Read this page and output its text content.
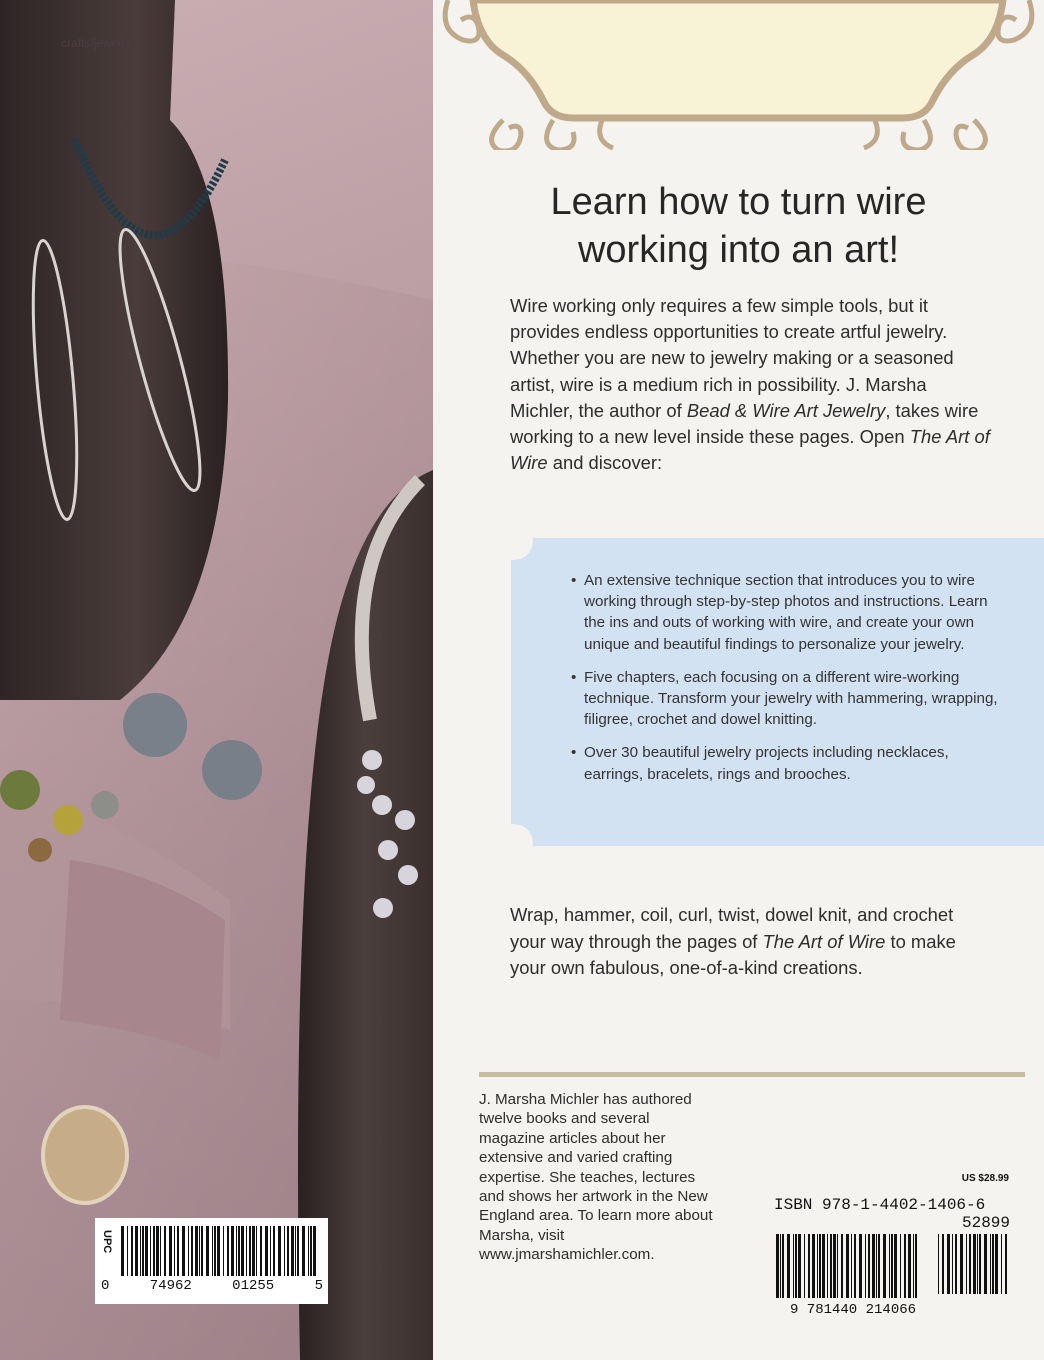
crafts/jewelry
UPC
0	74962	01255	5
Learn how to turn wire
working into an art!
Wire working only requires a few simple tools, but it provides endless opportunities to create artful jewelry. Whether you are new to jewelry making or a seasoned artist, wire is a medium rich in possibility. J. Marsha Michler, the author of Bead & Wire Art Jewelry, takes wire working to a new level inside these pages. Open The Art of Wire and discover:
• An extensive technique section that introduces you to wire working through step-by-step photos and instructions. Learn the ins and outs of working with wire, and create your own unique and beautiful findings to personalize your jewelry.
• Five chapters, each focusing on a different wire-working technique. Transform your jewelry with hammering, wrapping, filigree, crochet and dowel knitting.
• Over 30 beautiful jewelry projects including necklaces, earrings, bracelets, rings and brooches.
Wrap, hammer, coil, curl, twist, dowel knit, and crochet your way through the pages of The Art of Wire to make your own fabulous, one-of-a-kind creations.
J. Marsha Michler has authored twelve books and several magazine articles about her extensive and varied crafting expertise. She teaches, lectures and shows her artwork in the New England area. To learn more about Marsha, visit www.jmarshamichler.com.
US $28.99
ISBN 978-1-4402-1406-6
52899
9 781440 214066
